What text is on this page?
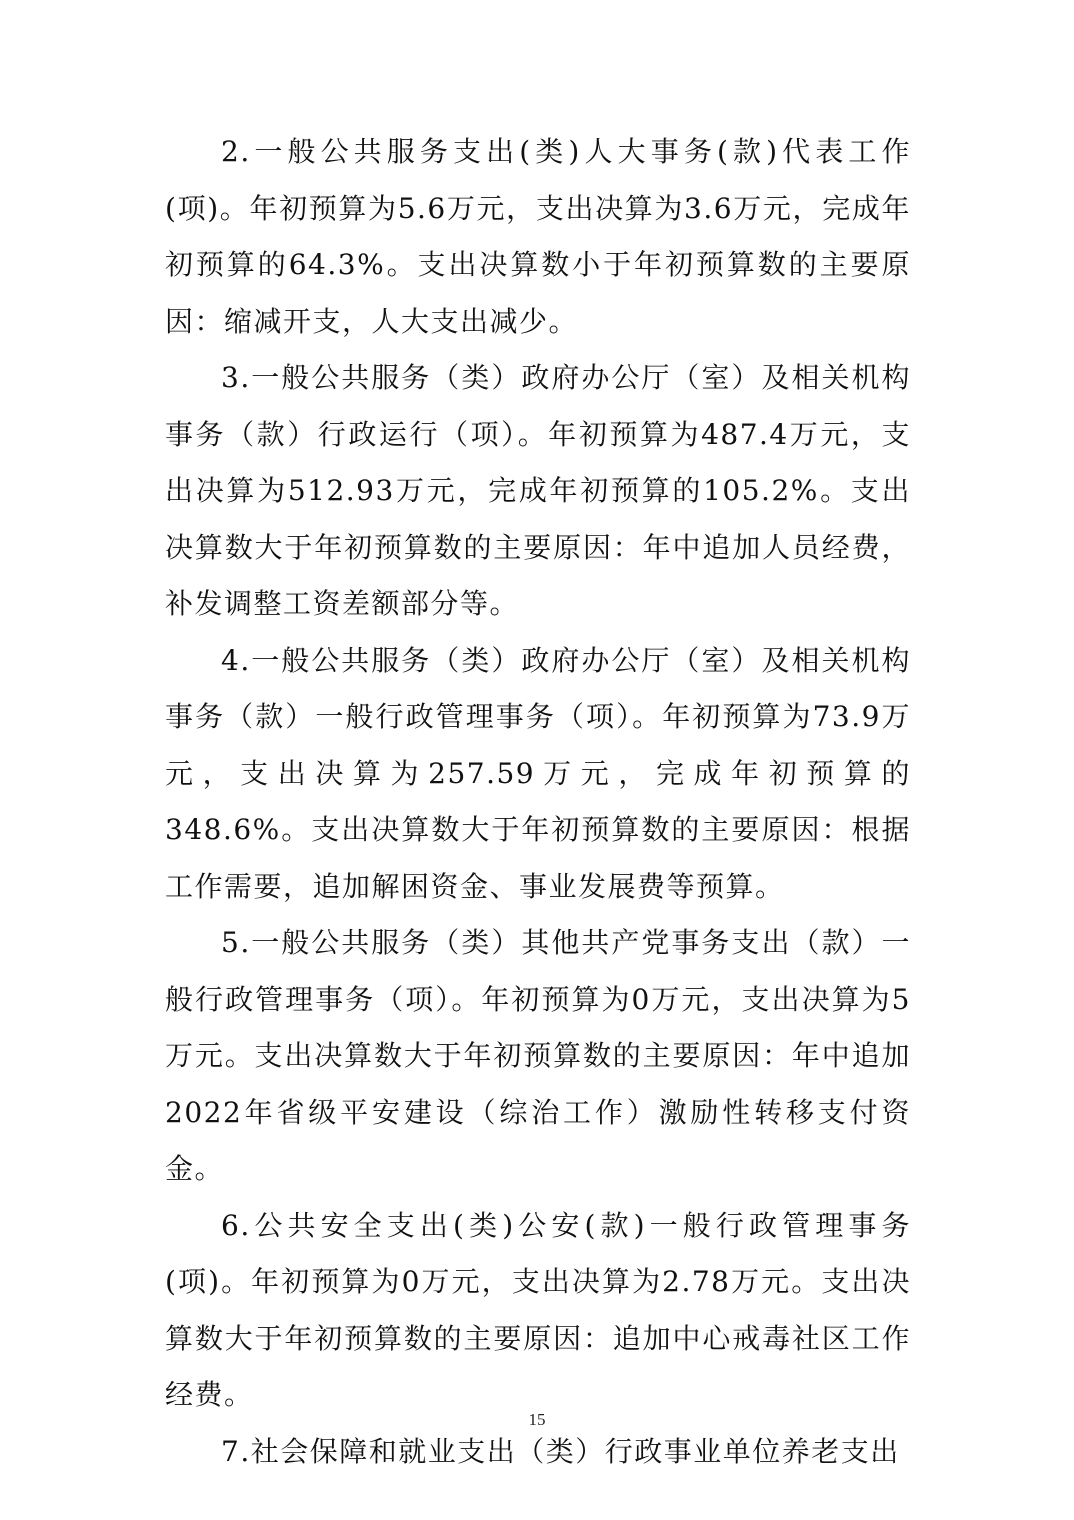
2.一般公共服务支出(类)人大事务(款)代表工作(项)。年初预算为5.6万元，支出决算为3.6万元，完成年初预算的64.3%。支出决算数小于年初预算数的主要原因：缩减开支，人大支出减少。

3.一般公共服务（类）政府办公厅（室）及相关机构事务（款）行政运行（项）。年初预算为487.4万元，支出决算为512.93万元，完成年初预算的105.2%。支出决算数大于年初预算数的主要原因：年中追加人员经费，补发调整工资差额部分等。

4.一般公共服务（类）政府办公厅（室）及相关机构事务（款）一般行政管理事务（项）。年初预算为73.9万元，支出决算为257.59万元，完成年初预算的348.6%。支出决算数大于年初预算数的主要原因：根据工作需要，追加解困资金、事业发展费等预算。

5.一般公共服务（类）其他共产党事务支出（款）一般行政管理事务（项）。年初预算为0万元，支出决算为5万元。支出决算数大于年初预算数的主要原因：年中追加2022年省级平安建设（综治工作）激励性转移支付资金。

6.公共安全支出(类)公安(款)一般行政管理事务(项)。年初预算为0万元，支出决算为2.78万元。支出决算数大于年初预算数的主要原因：追加中心戒毒社区工作经费。

7.社会保障和就业支出（类）行政事业单位养老支出

15
